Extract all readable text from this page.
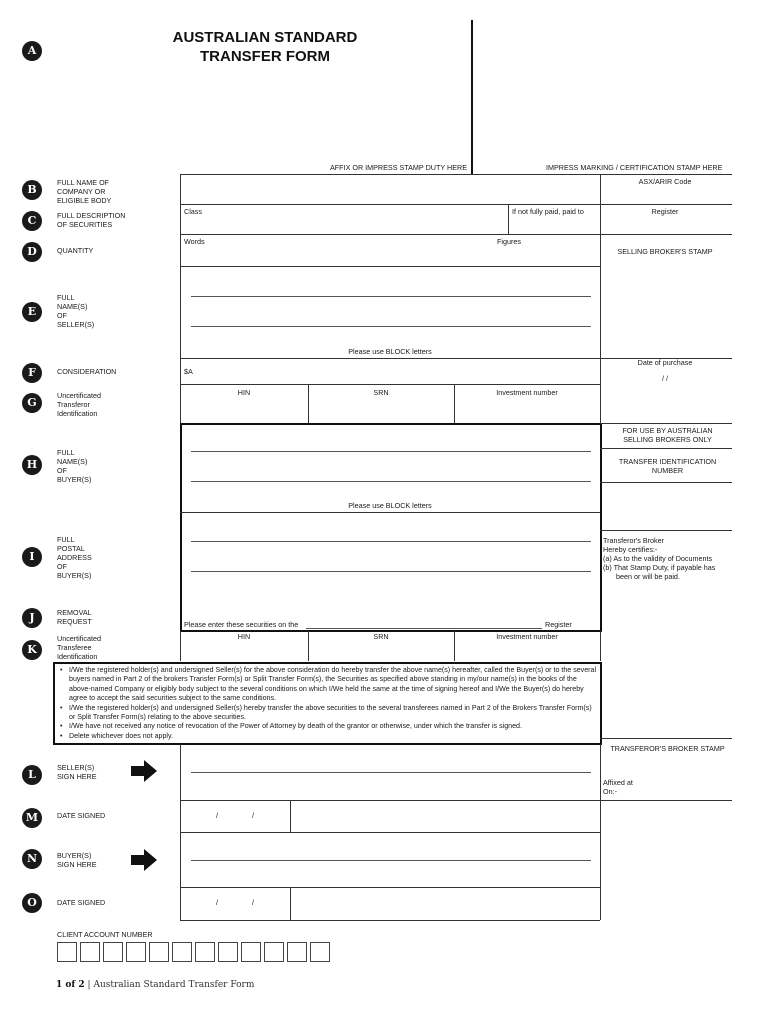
A
AUSTRALIAN STANDARD
TRANSFER FORM
AFFIX OR IMPRESS STAMP DUTY HERE	IMPRESS MARKING / CERTIFICATION STAMP HERE
ASX/ARIR Code
Register
SELLING BROKER'S STAMP
Date of purchase
/ /
FOR USE BY AUSTRALIAN
SELLING BROKERS ONLY
TRANSFER IDENTIFICATION
NUMBER
Transferor's Broker
Hereby certifies:-
(a) As to the validity of Documents
(b) That Stamp Duty, if payable has
been or will be paid.
TRANSFEROR'S BROKER STAMP
Affixed at
On:-
B
FULL NAME OF
COMPANY OR
ELIGIBLE BODY
C	FULL DESCRIPTION
OF SECURITIES
Class	If not fully paid, paid to
D	QUANTITY
Words	Figures
E
FULL
NAME(S)
OF
SELLER(S)
Please use BLOCK letters
F	CONSIDERATION	$A
G
Uncertificated
Transferor
Identification
HIN	SRN	Investment number
H
FULL
NAME(S)
OF
BUYER(S)
Please use BLOCK letters
I
FULL
POSTAL
ADDRESS
OF
BUYER(S)
J	REMOVAL
REQUEST	Please enter these securities on the	Register
K
Uncertificated
Transferee
Identification
HIN	SRN	Investment number
• I/We the registered holder(s) and undersigned Seller(s) for the above consideration do hereby transfer the above name(s) hereafter, called the Buyer(s) or to the several buyers named in Part 2 of the brokers Transfer Form(s) or Split Transfer Form(s), the Securities as specified above standing in my/our name(s) in the books of the above-named Company or eligibly body subject to the several conditions on which I/We held the same at the time of signing hereof and I/We the Buyer(s) do hereby agree to accept the said securities subject to the same conditions.
• I/We the registered holder(s) and undersigned Seller(s) hereby transfer the above securities to the several transferees named in Part 2 of the Brokers Transfer Form(s) or Split Transfer Form(s) relating to the above securities.
• I/We have not received any notice of revocation of the Power of Attorney by death of the grantor or otherwise, under which the transfer is signed.
• Delete whichever does not apply.
L
SELLER(S)
SIGN HERE
M	DATE SIGNED	/	/
N	BUYER(S)
SIGN HERE
O	DATE SIGNED	/	/
CLIENT ACCOUNT NUMBER
1 of 2 | Australian Standard Transfer Form
